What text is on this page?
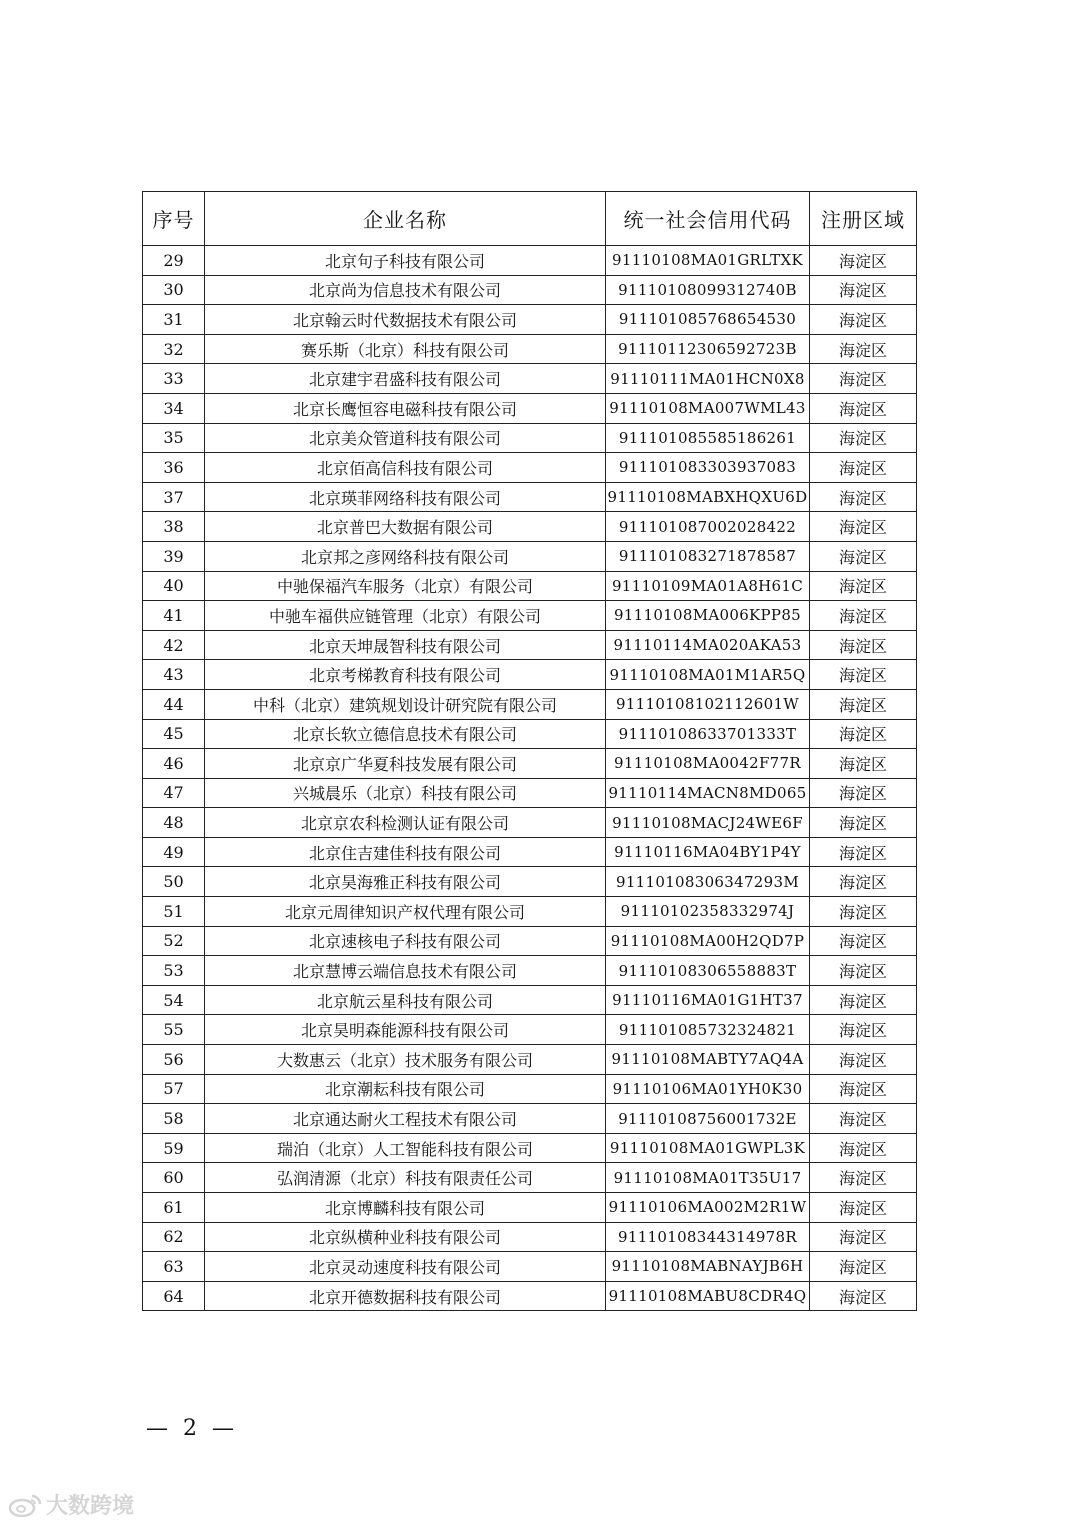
序号	企业名称	统一社会信用代码	注册区域
29	北京句子科技有限公司	91110108MA01GRLTXK	海淀区
30	北京尚为信息技术有限公司	91110108099312740B	海淀区
31	北京翰云时代数据技术有限公司	911101085768654530	海淀区
32	赛乐斯（北京）科技有限公司	91110112306592723B	海淀区
33	北京建宇君盛科技有限公司	91110111MA01HCN0X8	海淀区
34	北京长鹰恒容电磁科技有限公司	91110108MA007WML43	海淀区
35	北京美众管道科技有限公司	911101085585186261	海淀区
36	北京佰高信科技有限公司	911101083303937083	海淀区
37	北京瑛菲网络科技有限公司	91110108MABXHQXU6D	海淀区
38	北京普巴大数据有限公司	911101087002028422	海淀区
39	北京邦之彦网络科技有限公司	911101083271878587	海淀区
40	中驰保福汽车服务（北京）有限公司	91110109MA01A8H61C	海淀区
41	中驰车福供应链管理（北京）有限公司	91110108MA006KPP85	海淀区
42	北京天坤晟智科技有限公司	91110114MA020AKA53	海淀区
43	北京考梯教育科技有限公司	91110108MA01M1AR5Q	海淀区
44	中科（北京）建筑规划设计研究院有限公司	91110108102112601W	海淀区
45	北京长软立德信息技术有限公司	91110108633701333T	海淀区
46	北京京广华夏科技发展有限公司	91110108MA0042F77R	海淀区
47	兴城晨乐（北京）科技有限公司	91110114MACN8MD065	海淀区
48	北京京农科检测认证有限公司	91110108MACJ24WE6F	海淀区
49	北京住吉建佳科技有限公司	91110116MA04BY1P4Y	海淀区
50	北京昊海雅正科技有限公司	91110108306347293M	海淀区
51	北京元周律知识产权代理有限公司	91110102358332974J	海淀区
52	北京速核电子科技有限公司	91110108MA00H2QD7P	海淀区
53	北京慧博云端信息技术有限公司	91110108306558883T	海淀区
54	北京航云星科技有限公司	91110116MA01G1HT37	海淀区
55	北京昊明森能源科技有限公司	911101085732324821	海淀区
56	大数惠云（北京）技术服务有限公司	91110108MABTY7AQ4A	海淀区
57	北京潮耘科技有限公司	91110106MA01YH0K30	海淀区
58	北京通达耐火工程技术有限公司	91110108756001732E	海淀区
59	瑞泊（北京）人工智能科技有限公司	91110108MA01GWPL3K	海淀区
60	弘润清源（北京）科技有限责任公司	91110108MA01T35U17	海淀区
61	北京博麟科技有限公司	91110106MA002M2R1W	海淀区
62	北京纵横种业科技有限公司	91110108344314978R	海淀区
63	北京灵动速度科技有限公司	91110108MABNAYJB6H	海淀区
64	北京开德数据科技有限公司	91110108MABU8CDR4Q	海淀区
— 2 —
大数跨境
